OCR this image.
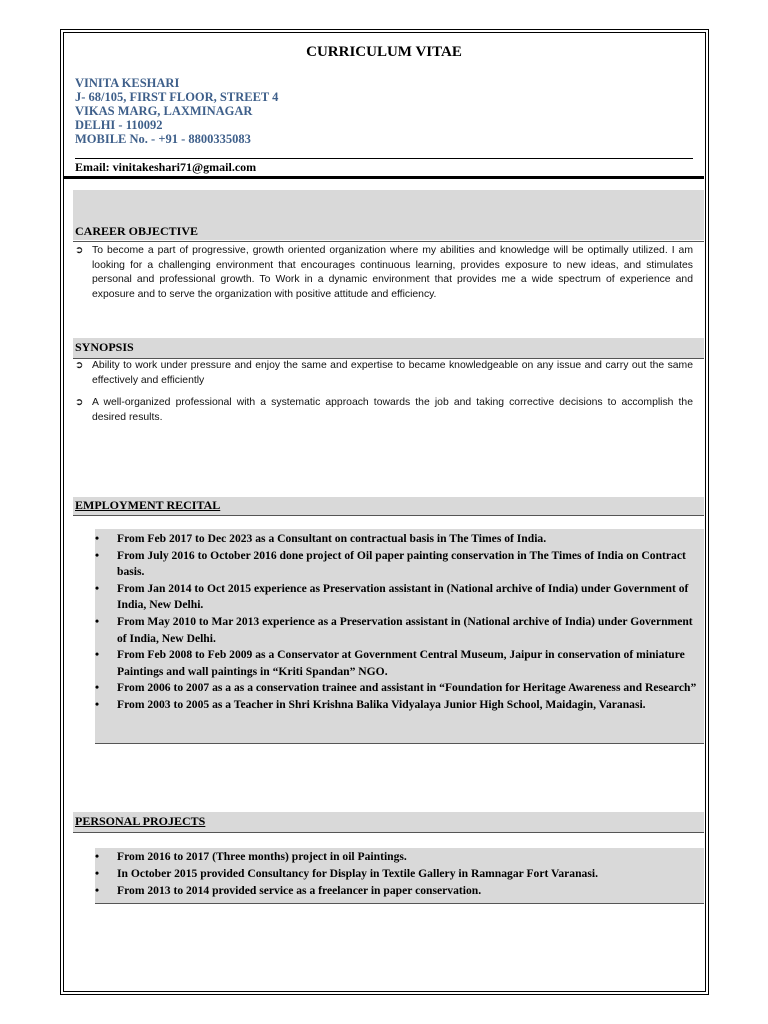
CURRICULUM VITAE
VINITA KESHARI
J- 68/105, FIRST FLOOR, STREET 4
VIKAS MARG, LAXMINAGAR
DELHI - 110092
MOBILE No. - +91 - 8800335083
Email: vinitakeshari71@gmail.com
CAREER OBJECTIVE
➲ To become a part of progressive, growth oriented organization where my abilities and knowledge will be optimally utilized. I am looking for a challenging environment that encourages continuous learning, provides exposure to new ideas, and stimulates personal and professional growth. To Work in a dynamic environment that provides me a wide spectrum of experience and exposure and to serve the organization with positive attitude and efficiency.
SYNOPSIS
➲ Ability to work under pressure and enjoy the same and expertise to became knowledgeable on any issue and carry out the same effectively and efficiently
➲ A well-organized professional with a systematic approach towards the job and taking corrective decisions to accomplish the desired results.
EMPLOYMENT RECITAL
• From Feb 2017 to Dec 2023 as a Consultant on contractual basis in The Times of India.
• From July 2016 to October 2016 done project of Oil paper painting conservation in The Times of India on Contract basis.
• From Jan 2014 to Oct 2015 experience as Preservation assistant in (National archive of India) under Government of India, New Delhi.
• From May 2010 to Mar 2013 experience as a Preservation assistant in (National archive of India) under Government of India, New Delhi.
• From Feb 2008 to Feb 2009 as a Conservator at Government Central Museum, Jaipur in conservation of miniature Paintings and wall paintings in “Kriti Spandan” NGO.
• From 2006 to 2007 as a as a conservation trainee and assistant in “Foundation for Heritage Awareness and Research”
• From 2003 to 2005 as a Teacher in Shri Krishna Balika Vidyalaya Junior High School, Maidagin, Varanasi.
PERSONAL PROJECTS
• From 2016 to 2017 (Three months) project in oil Paintings.
• In October 2015 provided Consultancy for Display in Textile Gallery in Ramnagar Fort Varanasi.
• From 2013 to 2014 provided service as a freelancer in paper conservation.
